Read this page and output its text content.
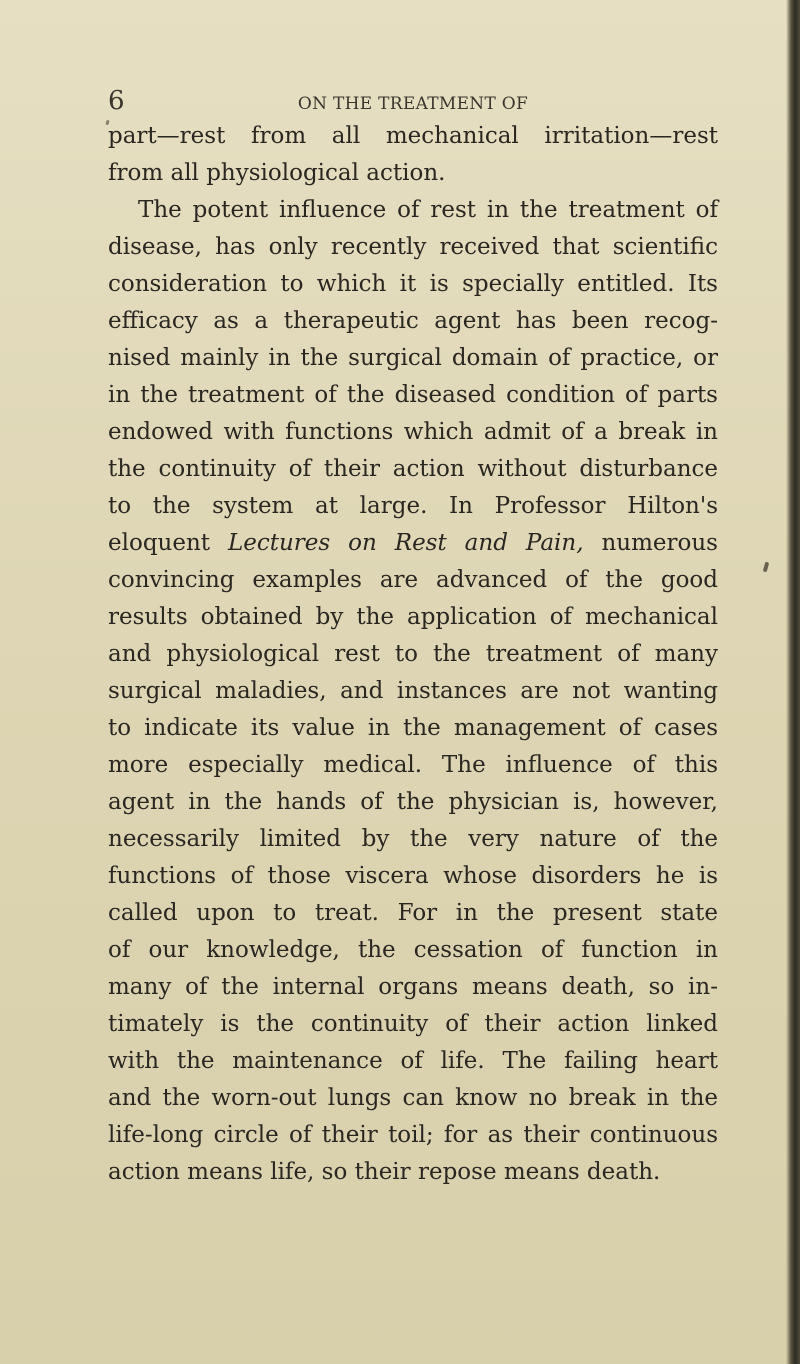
6	ON THE TREATMENT OF
part—rest from all mechanical irritation—rest
from all physiological action.
The potent influence of rest in the treatment of
disease, has only recently received that scientific
consideration to which it is specially entitled. Its
efficacy as a therapeutic agent has been recog-
nised mainly in the surgical domain of practice, or
in the treatment of the diseased condition of parts
endowed with functions which admit of a break in
the continuity of their action without disturbance
to the system at large. In Professor Hilton's
eloquent Lectures on Rest and Pain, numerous
convincing examples are advanced of the good
results obtained by the application of mechanical
and physiological rest to the treatment of many
surgical maladies, and instances are not wanting
to indicate its value in the management of cases
more especially medical. The influence of this
agent in the hands of the physician is, however,
necessarily limited by the very nature of the
functions of those viscera whose disorders he is
called upon to treat. For in the present state
of our knowledge, the cessation of function in
many of the internal organs means death, so in-
timately is the continuity of their action linked
with the maintenance of life. The failing heart
and the worn-out lungs can know no break in the
life-long circle of their toil; for as their continuous
action means life, so their repose means death.
